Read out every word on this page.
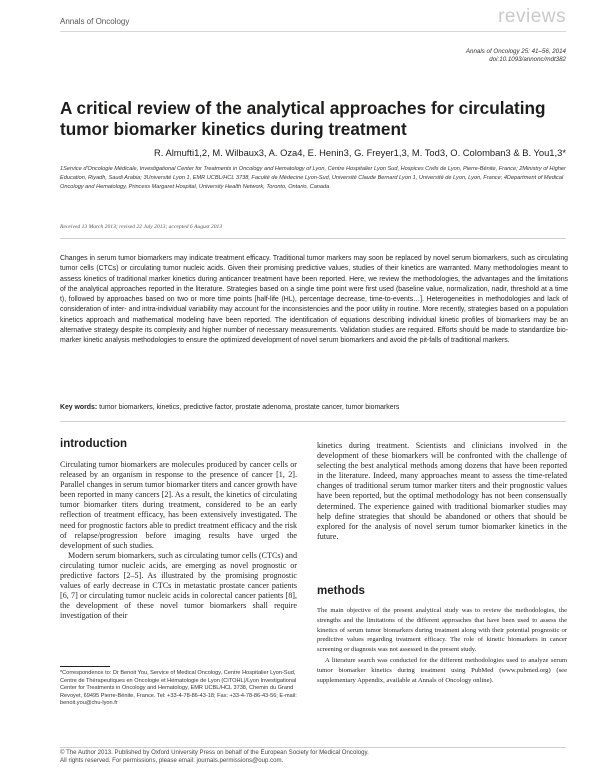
Annals of Oncology	reviews
Annals of Oncology 25: 41–56, 2014
doi:10.1093/annonc/mdt382
A critical review of the analytical approaches for circulating tumor biomarker kinetics during treatment
R. Almufti1,2, M. Wilbaux3, A. Oza4, E. Henin3, G. Freyer1,3, M. Tod3, O. Colomban3 & B. You1,3*
1Service d'Oncologie Médicale, Investigational Center for Treatments in Oncology and Hematology of Lyon, Centre Hospitalier Lyon Sud, Hospices Civils de Lyon, Pierre-Bénite, France; 2Ministry of Higher Education, Riyadh, Saudi Arabia; 3Université Lyon 1, EMR UCBL/HCL 3738, Faculté de Médecine Lyon-Sud, Université Claude Bernard Lyon 1, Université de Lyon, Lyon, France; 4Department of Medical Oncology and Hematology, Princess Margaret Hospital, University Health Network, Toronto, Ontario, Canada
Received 13 March 2013; revised 22 July 2013; accepted 6 August 2013
Changes in serum tumor biomarkers may indicate treatment efficacy. Traditional tumor markers may soon be replaced by novel serum biomarkers, such as circulating tumor cells (CTCs) or circulating tumor nucleic acids. Given their promising predictive values, studies of their kinetics are warranted. Many methodologies meant to assess kinetics of traditional marker kinetics during anticancer treatment have been reported. Here, we review the methodologies, the advantages and the limitations of the analytical approaches reported in the literature. Strategies based on a single time point were first used (baseline value, normalization, nadir, threshold at a time t), followed by approaches based on two or more time points [half-life (HL), percentage decrease, time-to-events…]. Heterogeneities in methodologies and lack of consideration of inter- and intra-individual variability may account for the inconsistencies and the poor utility in routine. More recently, strategies based on a population kinetics approach and mathematical modeling have been reported. The identification of equations describing individual kinetic profiles of biomarkers may be an alternative strategy despite its complexity and higher number of necessary measurements. Validation studies are required. Efforts should be made to standardize bio-marker kinetic analysis methodologies to ensure the optimized development of novel serum biomarkers and avoid the pit-falls of traditional markers.
Key words: tumor biomarkers, kinetics, predictive factor, prostate adenoma, prostate cancer, tumor biomarkers
introduction

Circulating tumor biomarkers are molecules produced by cancer cells or released by an organism in response to the presence of cancer [1, 2]. Parallel changes in serum tumor biomarker titers and cancer growth have been reported in many cancers [2]. As a result, the kinetics of circulating tumor biomarker titers during treatment, considered to be an early reflection of treatment efficacy, has been extensively investigated. The need for prognostic factors able to predict treatment efficacy and the risk of relapse/progression before imaging results have urged the development of such studies.

Modern serum biomarkers, such as circulating tumor cells (CTCs) and circulating tumor nucleic acids, are emerging as novel prognostic or predictive factors [2–5]. As illustrated by the promising prognostic values of early decrease in CTCs in metastatic prostate cancer patients [6, 7] or circulating tumor nucleic acids in colorectal cancer patients [8], the development of these novel tumor biomarkers shall require investigation of their

*Correspondence to: Dr Benoit You, Service of Medical Oncology, Centre Hospitalier Lyon-Sud, Centre de Thérapeutiques en Oncologie et Hématologie de Lyon (CITOHL)/Lyon Investigational Center for Treatments in Oncology and Hematology, EMR UCBL/HCL 3738, Chemin du Grand Revoyet, 69495 Pierre-Bénite, France. Tel: +33-4-78-86-43-18; Fax: +33-4-78-86-43-56; E-mail: benoit.you@chu-lyon.fr
kinetics during treatment. Scientists and clinicians involved in the development of these biomarkers will be confronted with the challenge of selecting the best analytical methods among dozens that have been reported in the literature. Indeed, many approaches meant to assess the time-related changes of traditional serum tumor marker titers and their prognostic values have been reported, but the optimal methodology has not been consensually determined. The experience gained with traditional biomarker studies may help define strategies that should be abandoned or others that should be explored for the analysis of novel serum tumor biomarker kinetics in the future.
methods

The main objective of the present analytical study was to review the methodologies, the strengths and the limitations of the different approaches that have been used to assess the kinetics of serum tumor biomarkers during treatment along with their potential prognostic or predictive values regarding treatment efficacy. The role of kinetic biomarkers in cancer screening or diagnosis was not assessed in the present study.

A literature search was conducted for the different methodologies used to analyze serum tumor biomarker kinetics during treatment using PubMed (www.pubmed.org) (see supplementary Appendix, available at Annals of Oncology online).

© The Author 2013. Published by Oxford University Press on behalf of the European Society for Medical Oncology.
All rights reserved. For permissions, please email: journals.permissions@oup.com.
